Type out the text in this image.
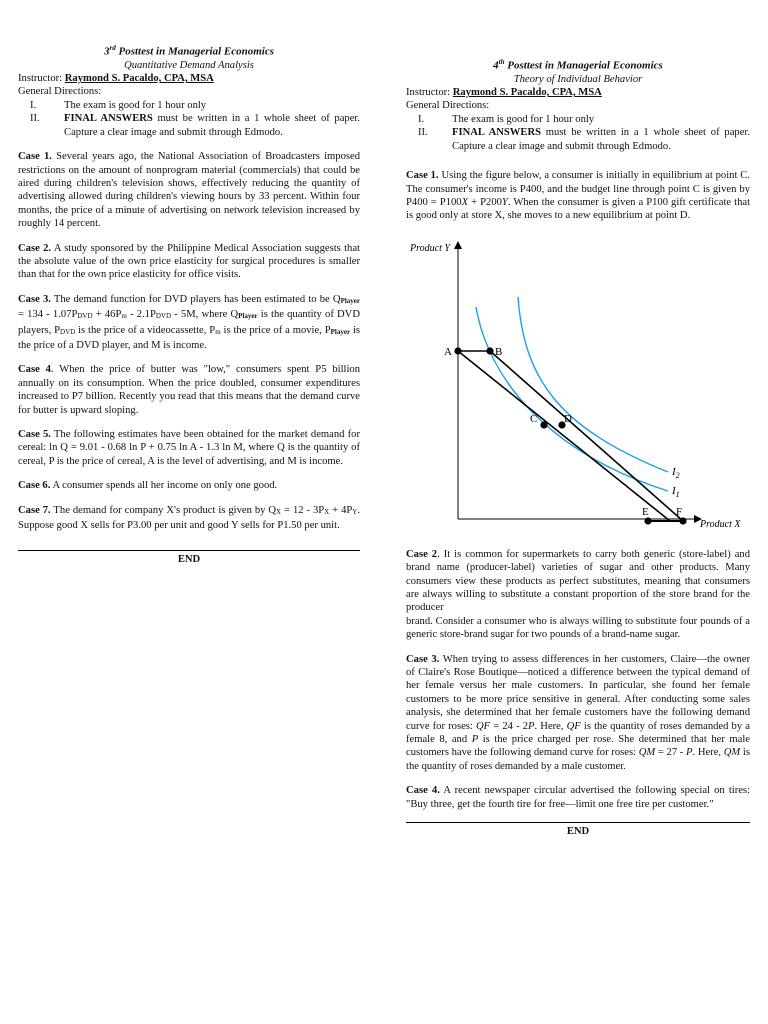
3rd Posttest in Managerial Economics
Quantitative Demand Analysis
Instructor: Raymond S. Pacaldo, CPA, MSA
General Directions:
I.	The exam is good for 1 hour only
II.	FINAL ANSWERS must be written in a 1 whole sheet of paper. Capture a clear image and submit through Edmodo.

Case 1. Several years ago, the National Association of Broadcasters imposed restrictions on the amount of nonprogram material (commercials) that could be aired during children's television shows, effectively reducing the quantity of advertising allowed during children's viewing hours by 33 percent. Within four months, the price of a minute of advertising on network television increased by roughly 14 percent.

Case 2. A study sponsored by the Philippine Medical Association suggests that the absolute value of the own price elasticity for surgical procedures is smaller than that for the own price elasticity for office visits.

Case 3. The demand function for DVD players has been estimated to be QPlayer = 134 - 1.07PDVD + 46Pm - 2.1PDVD - 5M, where QPlayer is the quantity of DVD players, PDVD is the price of a videocassette, Pm is the price of a movie, PPlayer is the price of a DVD player, and M is income.

Case 4. When the price of butter was "low," consumers spent P5 billion annually on its consumption. When the price doubled, consumer expenditures increased to P7 billion. Recently you read that this means that the demand curve for butter is upward sloping.

Case 5. The following estimates have been obtained for the market demand for cereal: ln Q = 9.01 - 0.68 ln P + 0.75 ln A - 1.3 ln M, where Q is the quantity of cereal, P is the price of cereal, A is the level of advertising, and M is income.

Case 6. A consumer spends all her income on only one good.

Case 7. The demand for company X's product is given by QX = 12 - 3PX + 4PY. Suppose good X sells for P3.00 per unit and good Y sells for P1.50 per unit.

END
4th Posttest in Managerial Economics
Theory of Individual Behavior
Instructor: Raymond S. Pacaldo, CPA, MSA
General Directions:
I.	The exam is good for 1 hour only
II.	FINAL ANSWERS must be written in a 1 whole sheet of paper. Capture a clear image and submit through Edmodo.

Case 1. Using the figure below, a consumer is initially in equilibrium at point C. The consumer's income is P400, and the budget line through point C is given by P400 = P100X + P200Y. When the consumer is given a P100 gift certificate that is good only at store X, she moves to a new equilibrium at point D.

Product Y
Product X
A	B
C D
E F
$I_2$
$I_1$

Case 2. It is common for supermarkets to carry both generic (store-label) and brand name (producer-label) varieties of sugar and other products. Many consumers view these products as perfect substitutes, meaning that consumers are always willing to substitute a constant proportion of the store brand for the producer
brand. Consider a consumer who is always willing to substitute four pounds of a generic store-brand sugar for two pounds of a brand-name sugar.

Case 3. When trying to assess differences in her customers, Claire—the owner of Claire's Rose Boutique—noticed a difference between the typical demand of her female versus her male customers. In particular, she found her female customers to be more price sensitive in general. After conducting some sales analysis, she determined that her female customers have the following demand curve for roses: QF = 24 - 2P. Here, QF is the quantity of roses demanded by a female 8, and P is the price charged per rose. She determined that her male customers have the following demand curve for roses: QM = 27 - P. Here, QM is the quantity of roses demanded by a male customer.

Case 4. A recent newspaper circular advertised the following special on tires: "Buy three, get the fourth tire for free—limit one free tire per customer."

END
